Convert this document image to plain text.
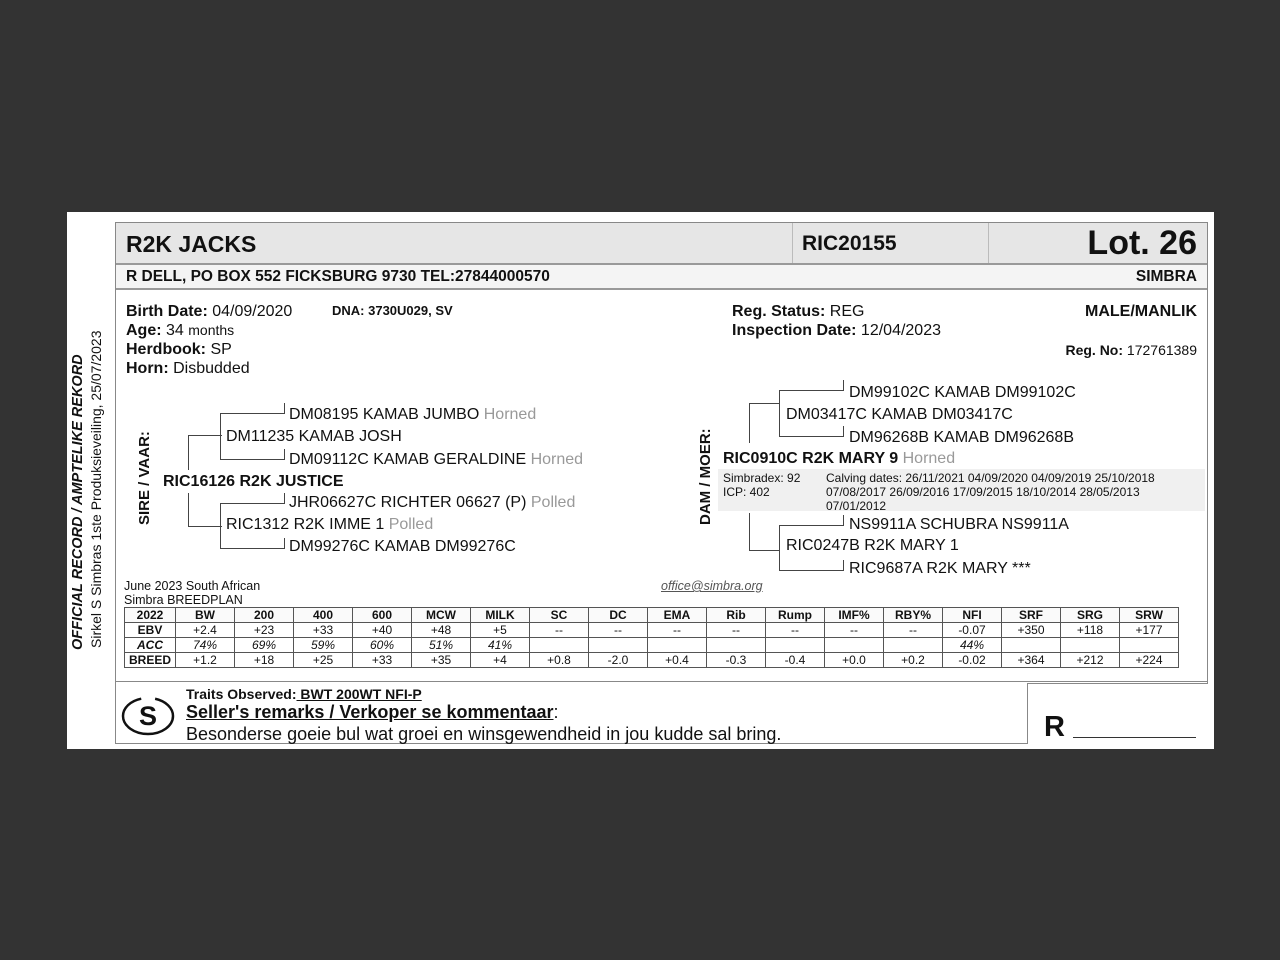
OFFICIAL RECORD / AMPTELIKE REKORD Sirkel S Simbras 1ste Produksieveiling, 25/07/2023
R2K JACKS	RIC20155	Lot. 26
R DELL, PO BOX 552 FICKSBURG 9730 TEL:27844000570	SIMBRA
Birth Date: 04/09/2020	DNA: 3730U029, SV
Age: 34 months
Herdbook: SP
Horn: Disbudded
Reg. Status: REG
Inspection Date: 12/04/2023
MALE/MANLIK
Reg. No: 172761389
SIRE / VAAR: RIC16126 R2K JUSTICE
DM11235 KAMAB JOSH
DM08195 KAMAB JUMBO Horned
DM09112C KAMAB GERALDINE Horned
RIC1312 R2K IMME 1 Polled
JHR06627C RICHTER 06627 (P) Polled
DM99276C KAMAB DM99276C
DAM / MOER:
DM03417C KAMAB DM03417C
DM99102C KAMAB DM99102C
DM96268B KAMAB DM96268B
RIC0910C R2K MARY 9 Horned
Simbradex: 92
ICP: 402
Calving dates: 26/11/2021 04/09/2020 04/09/2019 25/10/2018
07/08/2017 26/09/2016 17/09/2015 18/10/2014 28/05/2013
07/01/2012
RIC0247B R2K MARY 1
NS9911A SCHUBRA NS9911A
RIC9687A R2K MARY ***
June 2023 South African
Simbra BREEDPLAN
office@simbra.org
2022	BW	200	400	600	MCW	MILK	SC	DC	EMA	Rib	Rump	IMF%	RBY%	NFI	SRF	SRG	SRW
EBV	+2.4	+23	+33	+40	+48	+5	--	--	--	--	--	--	--	-0.07	+350	+118	+177
ACC	74%	69%	59%	60%	51%	41%								44%			
BREED	+1.2	+18	+25	+33	+35	+4	+0.8	-2.0	+0.4	-0.3	-0.4	+0.0	+0.2	-0.02	+364	+212	+224
S
Traits Observed: BWT 200WT NFI-P
Seller's remarks / Verkoper se kommentaar:
Besonderse goeie bul wat groei en winsgewendheid in jou kudde sal bring.	R
